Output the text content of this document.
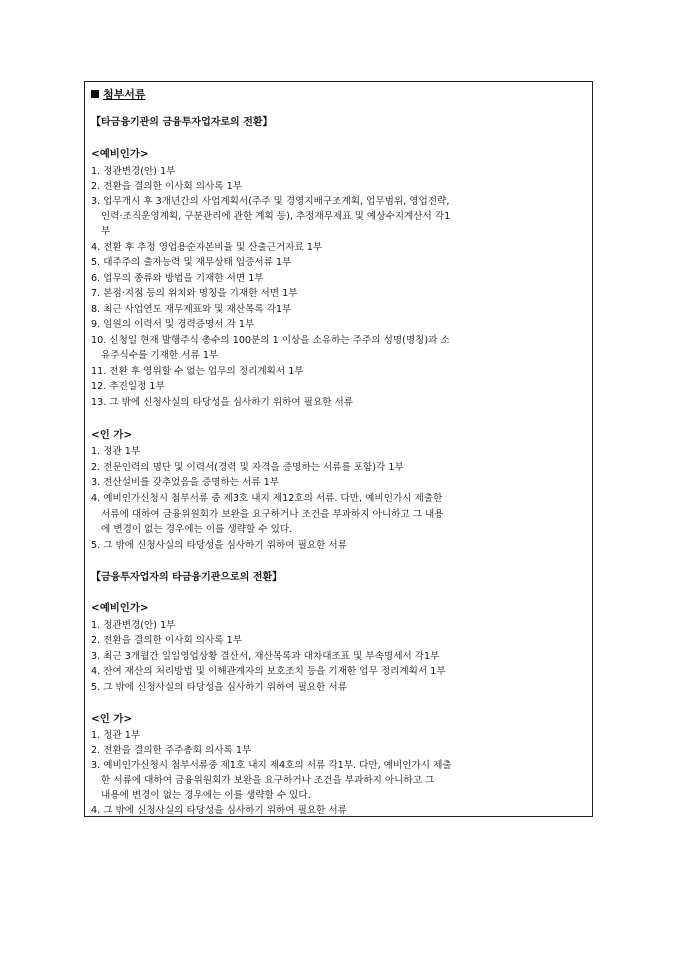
첨부서류
【타금융기관의 금융투자업자로의 전환】
<예비인가>
1. 정관변경(안) 1부
2. 전환을 결의한 이사회 의사록 1부
3. 업무개시 후 3개년간의 사업계획서(주주 및 경영지배구조계획, 업무범위, 영업전략,
인력·조직운영계획, 구분관리에 관한 계획 등), 추정재무제표 및 예상수지계산서 각1
부
4. 전환 후 추정 영업용순자본비율 및 산출근거자료 1부
5. 대주주의 출자능력 및 재무상태 입증서류 1부
6. 업무의 종류와 방법을 기재한 서면 1부
7. 본점·지점 등의 위치와 명칭을 기재한 서면 1부
8. 최근 사업연도 재무제표와 및 재산목록 각1부
9. 임원의 이력서 및 경력증명서 각 1부
10. 신청일 현재 발행주식 총수의 100분의 1 이상을 소유하는 주주의 성명(명칭)과 소
유주식수를 기재한 서류 1부
11. 전환 후 영위할 수 없는 업무의 정리계획서 1부
12. 추진일정 1부
13. 그 밖에 신청사실의 타당성을 심사하기 위하여 필요한 서류
<인 가>
1. 정관 1부
2. 전문인력의 명단 및 이력서(경력 및 자격을 증명하는 서류를 포함)각 1부
3. 전산설비를 갖추었음을 증명하는 서류 1부
4. 예비인가신청시 첨부서류 중 제3호 내지 제12호의 서류. 다만, 예비인가시 제출한
서류에 대하여 금융위원회가 보완을 요구하거나 조건을 부과하지 아니하고 그 내용
에 변경이 없는 경우에는 이를 생략할 수 있다.
5. 그 밖에 신청사실의 타당성을 심사하기 위하여 필요한 서류
【금융투자업자의 타금융기관으로의 전환】
<예비인가>
1. 정관변경(안) 1부
2. 전환을 결의한 이사회 의사록 1부
3. 최근 3개월간 일일영업상황 결산서, 재산목록과 대차대조표 및 부속명세서 각1부
4. 잔여 재산의 처리방법 및 이해관계자의 보호조치 등을 기재한 업무 정리계획서 1부
5. 그 밖에 신청사실의 타당성을 심사하기 위하여 필요한 서류
<인 가>
1. 정관 1부
2. 전환을 결의한 주주총회 의사록 1부
3. 예비인가신청시 첨부서류중 제1호 내지 제4호의 서류 각1부. 다만, 예비인가시 제출
한 서류에 대하여 금융위원회가 보완을 요구하거나 조건을 부과하지 아니하고 그
내용에 변경이 없는 경우에는 이를 생략할 수 있다.
4. 그 밖에 신청사실의 타당성을 심사하기 위하여 필요한 서류
